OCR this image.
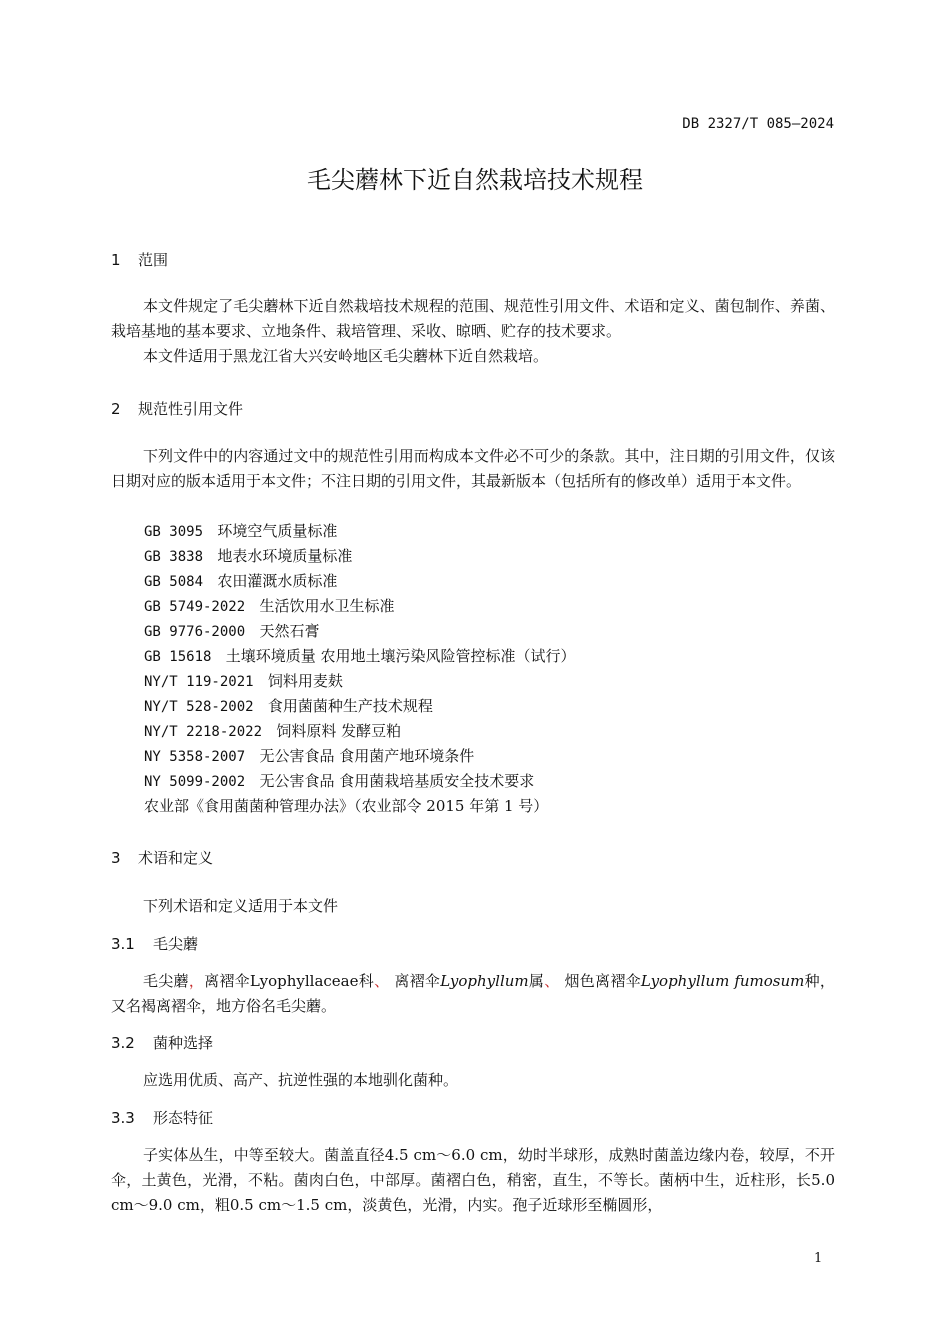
DB 2327/T 085—2024
毛尖蘑林下近自然栽培技术规程
1 范围
本文件规定了毛尖蘑林下近自然栽培技术规程的范围、规范性引用文件、术语和定义、菌包制作、养菌、栽培基地的基本要求、立地条件、栽培管理、采收、晾晒、贮存的技术要求。
本文件适用于黑龙江省大兴安岭地区毛尖蘑林下近自然栽培。
2 规范性引用文件
下列文件中的内容通过文中的规范性引用而构成本文件必不可少的条款。其中，注日期的引用文件，仅该日期对应的版本适用于本文件；不注日期的引用文件，其最新版本（包括所有的修改单）适用于本文件。
GB 3095 环境空气质量标准
GB 3838 地表水环境质量标准
GB 5084 农田灌溉水质标准
GB 5749-2022 生活饮用水卫生标准
GB 9776-2000 天然石膏
GB 15618 土壤环境质量 农用地土壤污染风险管控标准（试行）
NY/T 119-2021 饲料用麦麸
NY/T 528-2002 食用菌菌种生产技术规程
NY/T 2218-2022 饲料原料 发酵豆粕
NY 5358-2007 无公害食品 食用菌产地环境条件
NY 5099-2002 无公害食品 食用菌栽培基质安全技术要求
农业部《食用菌菌种管理办法》（农业部令 2015 年第 1 号）
3 术语和定义
下列术语和定义适用于本文件
3.1 毛尖蘑
毛尖蘑，离褶伞Lyophyllaceae科、 离褶伞Lyophyllum属、 烟色离褶伞Lyophyllum fumosum种，又名褐离褶伞，地方俗名毛尖蘑。
3.2 菌种选择
应选用优质、高产、抗逆性强的本地驯化菌种。
3.3 形态特征
子实体丛生，中等至较大。菌盖直径4.5 cm～6.0 cm，幼时半球形，成熟时菌盖边缘内卷，较厚，不开伞，土黄色，光滑，不粘。菌肉白色，中部厚。菌褶白色，稍密，直生，不等长。菌柄中生，近柱形，长5.0 cm～9.0 cm，粗0.5 cm～1.5 cm，淡黄色，光滑，内实。孢子近球形至椭圆形，
1
